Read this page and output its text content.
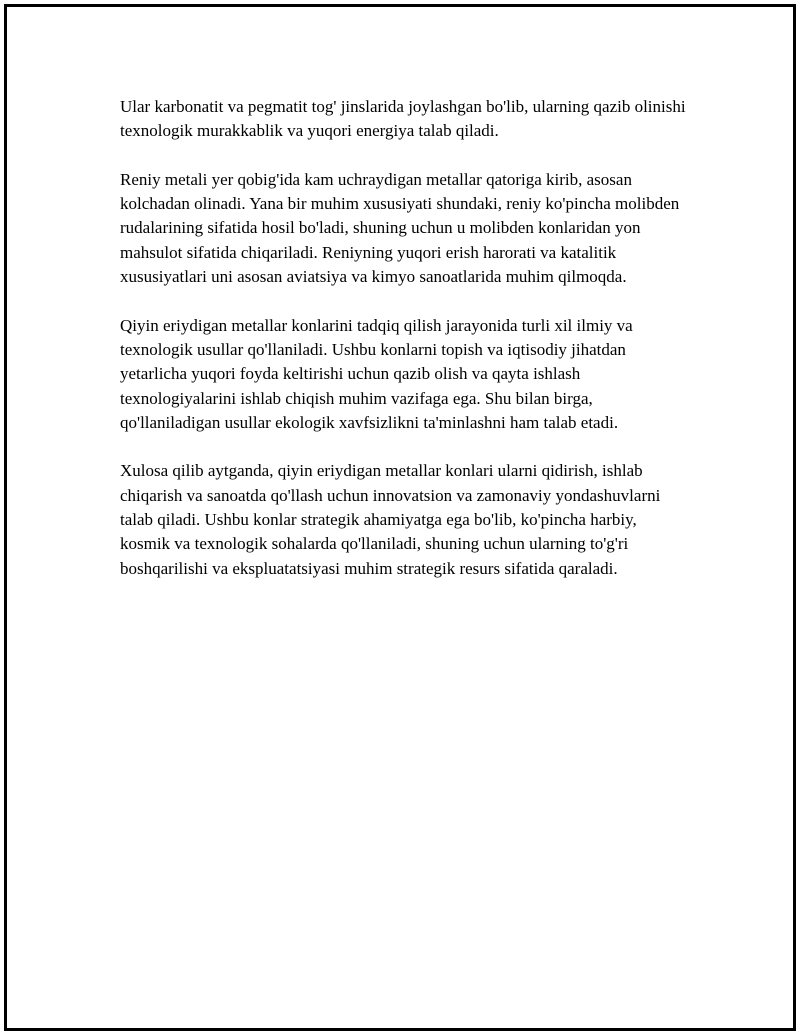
Ular karbonatit va pegmatit tog' jinslarida joylashgan bo'lib, ularning qazib olinishi texnologik murakkablik va yuqori energiya talab qiladi.

Reniy metali yer qobig'ida kam uchraydigan metallar qatoriga kirib, asosan kolchadan olinadi. Yana bir muhim xususiyati shundaki, reniy ko'pincha molibden rudalarining sifatida hosil bo'ladi, shuning uchun u molibden konlaridan yon mahsulot sifatida chiqariladi. Reniyning yuqori erish harorati va katalitik xususiyatlari uni asosan aviatsiya va kimyo sanoatlarida muhim qilmoqda.

Qiyin eriydigan metallar konlarini tadqiq qilish jarayonida turli xil ilmiy va texnologik usullar qo'llaniladi. Ushbu konlarni topish va iqtisodiy jihatdan yetarlicha yuqori foyda keltirishi uchun qazib olish va qayta ishlash texnologiyalarini ishlab chiqish muhim vazifaga ega. Shu bilan birga, qo'llaniladigan usullar ekologik xavfsizlikni ta'minlashni ham talab etadi.

Xulosa qilib aytganda, qiyin eriydigan metallar konlari ularni qidirish, ishlab chiqarish va sanoatda qo'llash uchun innovatsion va zamonaviy yondashuvlarni talab qiladi. Ushbu konlar strategik ahamiyatga ega bo'lib, ko'pincha harbiy, kosmik va texnologik sohalarda qo'llaniladi, shuning uchun ularning to'g'ri boshqarilishi va ekspluatatsiyasi muhim strategik resurs sifatida qaraladi.
